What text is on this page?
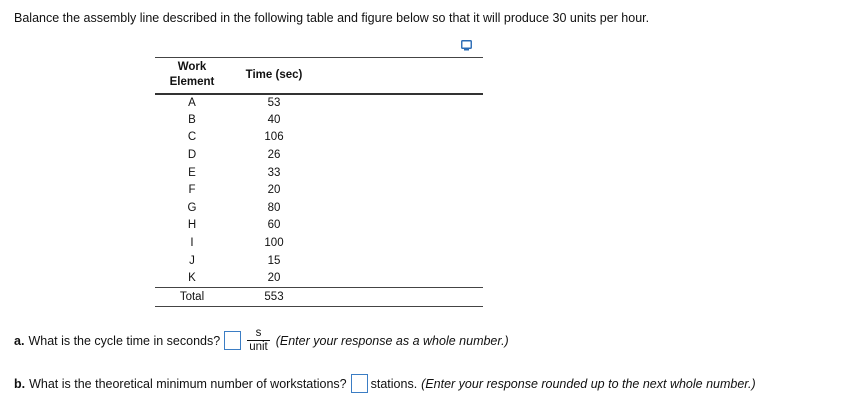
Balance the assembly line described in the following table and figure below so that it will produce 30 units per hour.
Work
Element	Time (sec)	
A	53	
B	40	
C	106	
D	26	
E	33	
F	20	
G	80	
H	60	
I	100	
J	15	
K	20	
Total	553	
a. What is the cycle time in seconds? $\frac{s}{\text{unit}}$ (Enter your response as a whole number.)
b. What is the theoretical minimum number of workstations? stations. (Enter your response rounded up to the next whole number.)
